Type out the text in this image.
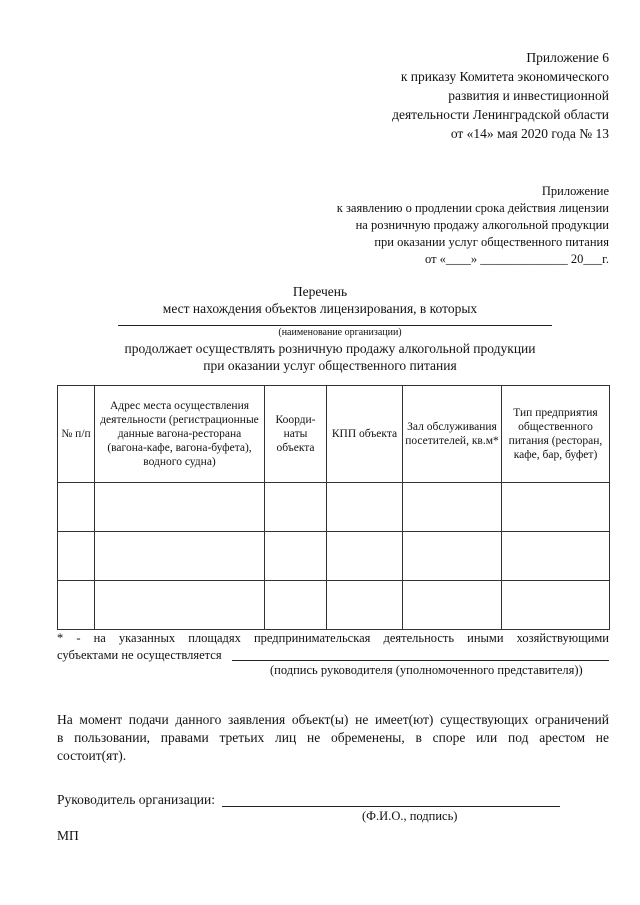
Приложение 6
к приказу Комитета экономического
развития и инвестиционной
деятельности Ленинградской области
от «14» мая 2020 года № 13
Приложение
к заявлению о продлении срока действия лицензии
на розничную продажу алкогольной продукции
при оказании услуг общественного питания
от «____» ______________ 20___г.
Перечень
мест нахождения объектов лицензирования, в которых
(наименование организации)
продолжает осуществлять розничную продажу алкогольной продукции
при оказании услуг общественного питания
№ п/п	Адрес места осуществления деятельности (регистрационные данные вагона-ресторана (вагона-кафе, вагона-буфета), водного судна)	Коорди-наты объекта	КПП объекта	Зал обслуживания посетителей, кв.м*	Тип предприятия общественного питания (ресторан, кафе, бар, буфет)

* - на указанных площадях предпринимательская деятельность иными хозяйствующими
субъектами не осуществляется
(подпись руководителя (уполномоченного представителя))
На момент подачи данного заявления объект(ы) не имеет(ют) существующих ограничений
в пользовании, правами третьих лиц не обременены, в споре или под арестом не
состоит(ят).
Руководитель организации:
(Ф.И.О., подпись)
МП
